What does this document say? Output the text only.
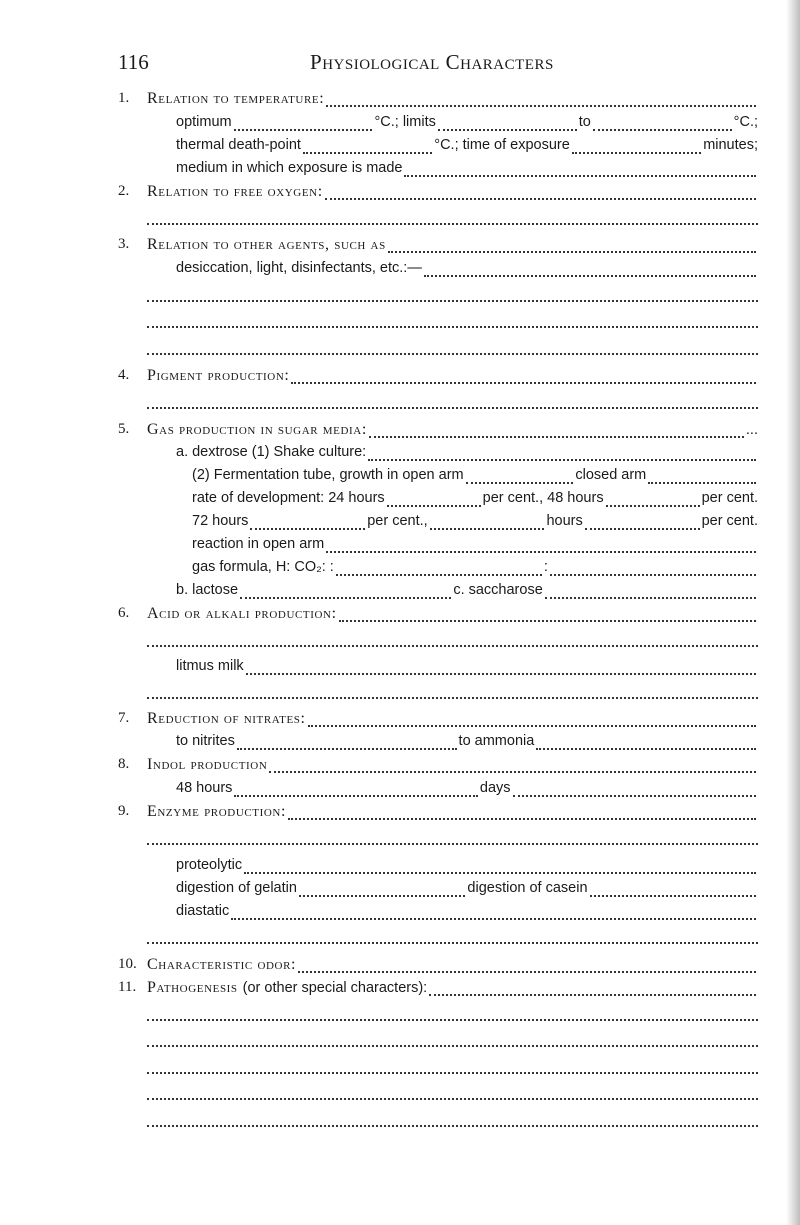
116	Physiological Characters
1. Relation to temperature:
optimum	°C.; limits	to	°C.;
thermal death-point	°C.; time of exposure	minutes;
medium in which exposure is made
2. Relation to free oxygen:
3. Relation to other agents, such as
desiccation, light, disinfectants, etc.:—
4. Pigment production:
5. Gas production in sugar media:	...
a. dextrose (1) Shake culture:
(2) Fermentation tube, growth in open arm	closed arm
rate of development: 24 hours	per cent., 48 hours	per cent.
72 hours	per cent.,	hours	per cent.
reaction in open arm
gas formula, H: CO₂: :	:
b. lactose	c. saccharose
6. Acid or alkali production:
litmus milk
7. Reduction of nitrates:
to nitrites	to ammonia
8. Indol production
48 hours	days
9. Enzyme production:
proteolytic
digestion of gelatin	digestion of casein
diastatic
10. Characteristic odor:
11. Pathogenesis (or other special characters):
